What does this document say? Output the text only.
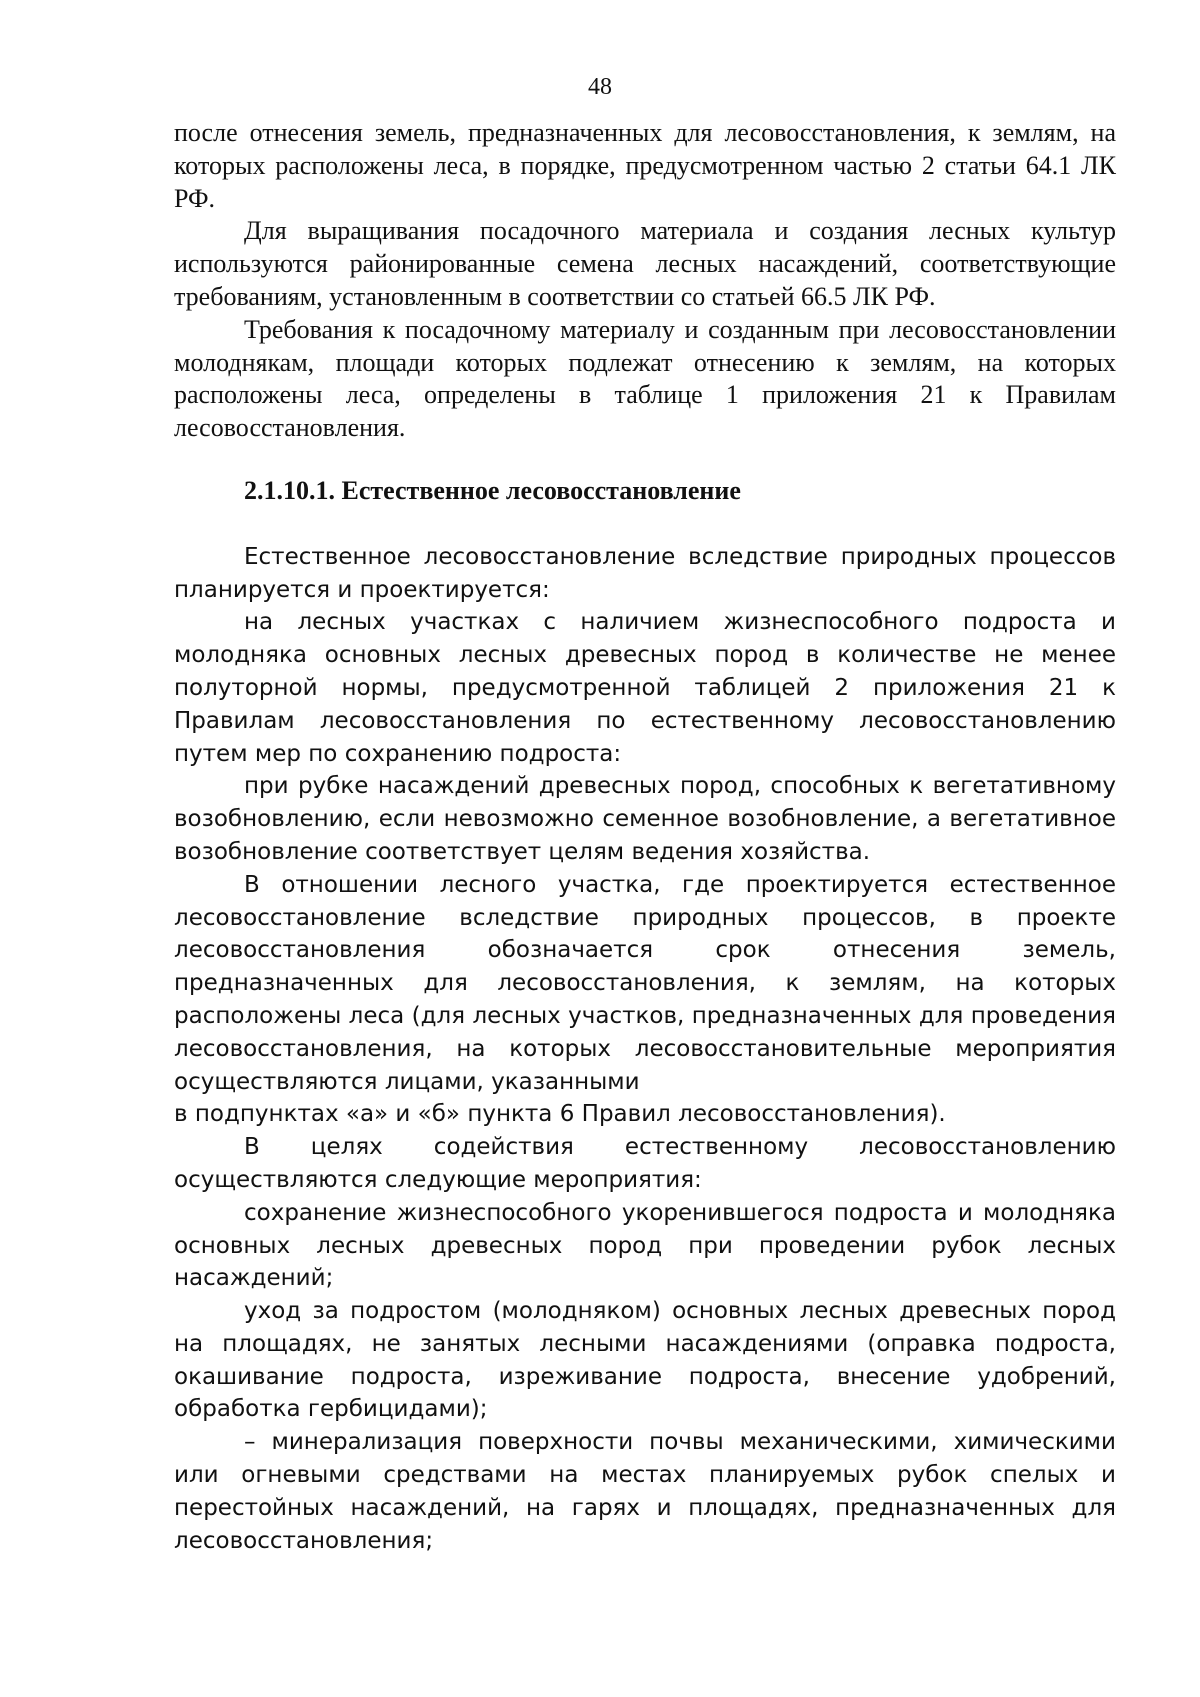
48

после отнесения земель, предназначенных для лесовосстановления, к землям, на которых расположены леса, в порядке, предусмотренном частью 2 статьи 64.1 ЛК РФ.

Для выращивания посадочного материала и создания лесных культур используются районированные семена лесных насаждений, соответствующие требованиям, установленным в соответствии со статьей 66.5 ЛК РФ.

Требования к посадочному материалу и созданным при лесовосстановлении молоднякам, площади которых подлежат отнесению к землям, на которых расположены леса, определены в таблице 1 приложения 21 к Правилам лесовосстановления.

2.1.10.1. Естественное лесовосстановление

Естественное лесовосстановление вследствие природных процессов планируется и проектируется:

на лесных участках с наличием жизнеспособного подроста и молодняка основных лесных древесных пород в количестве не менее полуторной нормы, предусмотренной таблицей 2 приложения 21 к Правилам лесовосстановления по естественному лесовосстановлению путем мер по сохранению подроста:

при рубке насаждений древесных пород, способных к вегетативному возобновлению, если невозможно семенное возобновление, а вегетативное возобновление соответствует целям ведения хозяйства.

В отношении лесного участка, где проектируется естественное лесовосстановление вследствие природных процессов, в проекте лесовосстановления обозначается срок отнесения земель, предназначенных для лесовосстановления, к землям, на которых расположены леса (для лесных участков, предназначенных для проведения лесовосстановления, на которых лесовосстановительные мероприятия осуществляются лицами, указанными

в подпунктах «а» и «б» пункта 6 Правил лесовосстановления).

В целях содействия естественному лесовосстановлению осуществляются следующие мероприятия:

сохранение жизнеспособного укоренившегося подроста и молодняка основных лесных древесных пород при проведении рубок лесных насаждений;

уход за подростом (молодняком) основных лесных древесных пород на площадях, не занятых лесными насаждениями (оправка подроста, окашивание подроста, изреживание подроста, внесение удобрений, обработка гербицидами);

– минерализация поверхности почвы механическими, химическими или огневыми средствами на местах планируемых рубок спелых и перестойных насаждений, на гарях и площадях, предназначенных для лесовосстановления;
